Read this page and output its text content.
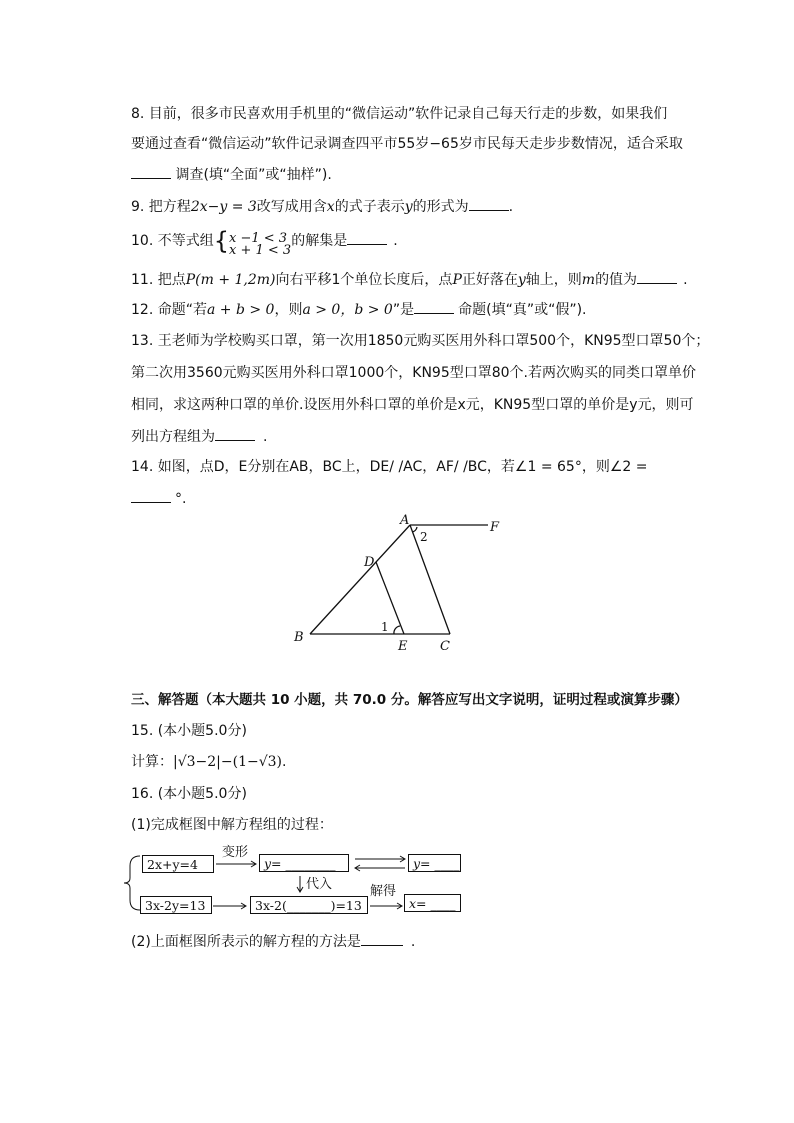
8. 目前，很多市民喜欢用手机里的“微信运动”软件记录自己每天行走的步数，如果我们
要通过查看“微信运动”软件记录调查四平市55岁−65岁市民每天走步步数情况，适合采取
调查(填“全面”或“抽样”).
9. 把方程2x−y = 3改写成用含x的式子表示y的形式为	.
10. 不等式组{ x −1 < 3
x + 1 < 3
的解集是	.
11. 把点P(m + 1,2m)向右平移1个单位长度后，点P正好落在y轴上，则m的值为	.
12. 命题“若a + b > 0，则a > 0，b > 0”是	命题(填“真”或“假”).
13. 王老师为学校购买口罩，第一次用1850元购买医用外科口罩500个，KN95型口罩50个；
第二次用3560元购买医用外科口罩1000个，KN95型口罩80个.若两次购买的同类口罩单价
相同，求这两种口罩的单价.设医用外科口罩的单价是x元，KN95型口罩的单价是y元，则可
列出方程组为	.
14. 如图，点D，E分别在AB，BC上，DE/ /AC，AF/ /BC，若∠1 = 65°，则∠2 =
°.
A	F
D
B
E	C
1
2
三、解答题（本大题共 10 小题，共 70.0 分。解答应写出文字说明，证明过程或演算步骤）
15. (本小题5.0分)
计算：|√3−2|−(1−√3).
16. (本小题5.0分)
(1)完成框图中解方程组的过程：
2x+y=4
3x-2y=13
变形
y= ________
代入
3x-2(_______)=13
解得
y= ____
x= ____
(2)上面框图所表示的解方程的方法是	.
